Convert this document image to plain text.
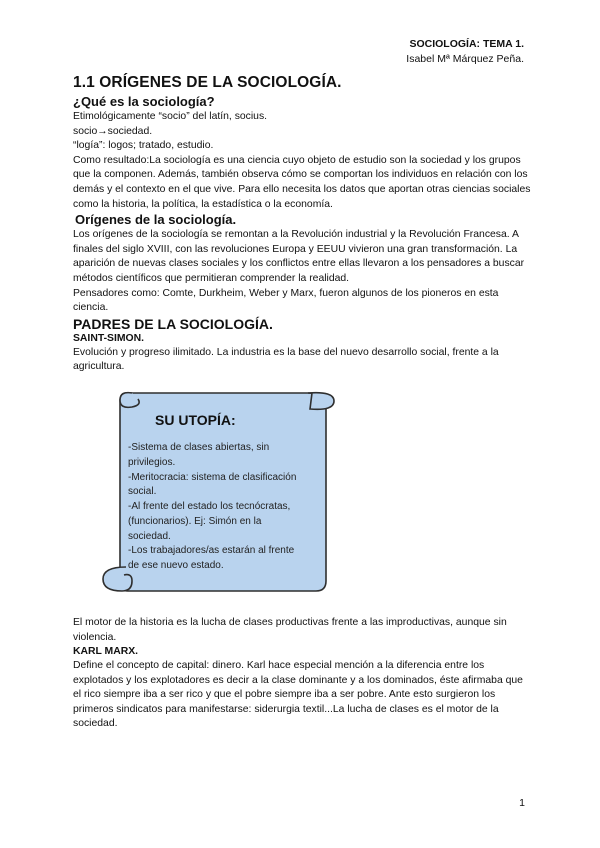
SOCIOLOGÍA: TEMA 1.
Isabel Mª Márquez Peña.
1.1 ORÍGENES DE LA SOCIOLOGÍA.
¿Qué es la sociología?

Etimológicamente “socio” del latín, socius.

socio→sociedad.

“logía”: logos; tratado, estudio.

Como resultado:La sociología es una ciencia cuyo objeto de estudio son la sociedad y los grupos que la componen. Además, también observa cómo se comportan los individuos en relación con los demás y el contexto en el que vive. Para ello necesita los datos que aportan otras ciencias sociales como la historia, la política, la estadística o la economía.

Orígenes de la sociología.

Los orígenes de la sociología se remontan a la Revolución industrial y la Revolución Francesa. A finales del siglo XVIII, con las revoluciones Europa y EEUU vivieron una gran transformación. La aparición de nuevas clases sociales y los conflictos entre ellas llevaron a los pensadores a buscar métodos científicos que permitieran comprender la realidad.

Pensadores como: Comte, Durkheim, Weber y Marx, fueron algunos de los pioneros en esta ciencia.

PADRES DE LA SOCIOLOGÍA.
SAINT-SIMON.

Evolución y progreso ilimitado. La industria es la base del nuevo desarrollo social, frente a la agricultura.

SU UTOPÍA:
-Sistema de clases abiertas, sin privilegios.
-Meritocracia: sistema de clasificación social.
-Al frente del estado los tecnócratas, (funcionarios). Ej: Simón en la sociedad.
-Los trabajadores/as estarán al frente de ese nuevo estado.

El motor de la historia es la lucha de clases productivas frente a las improductivas, aunque sin violencia.

KARL MARX.

Define el concepto de capital: dinero. Karl hace especial mención a la diferencia entre los explotados y los explotadores es decir a la clase dominante y a los dominados, éste afirmaba que el rico siempre iba a ser rico y que el pobre siempre iba a ser pobre. Ante esto surgieron los primeros sindicatos para manifestarse: siderurgia textil...La lucha de clases es el motor de la sociedad.

1
